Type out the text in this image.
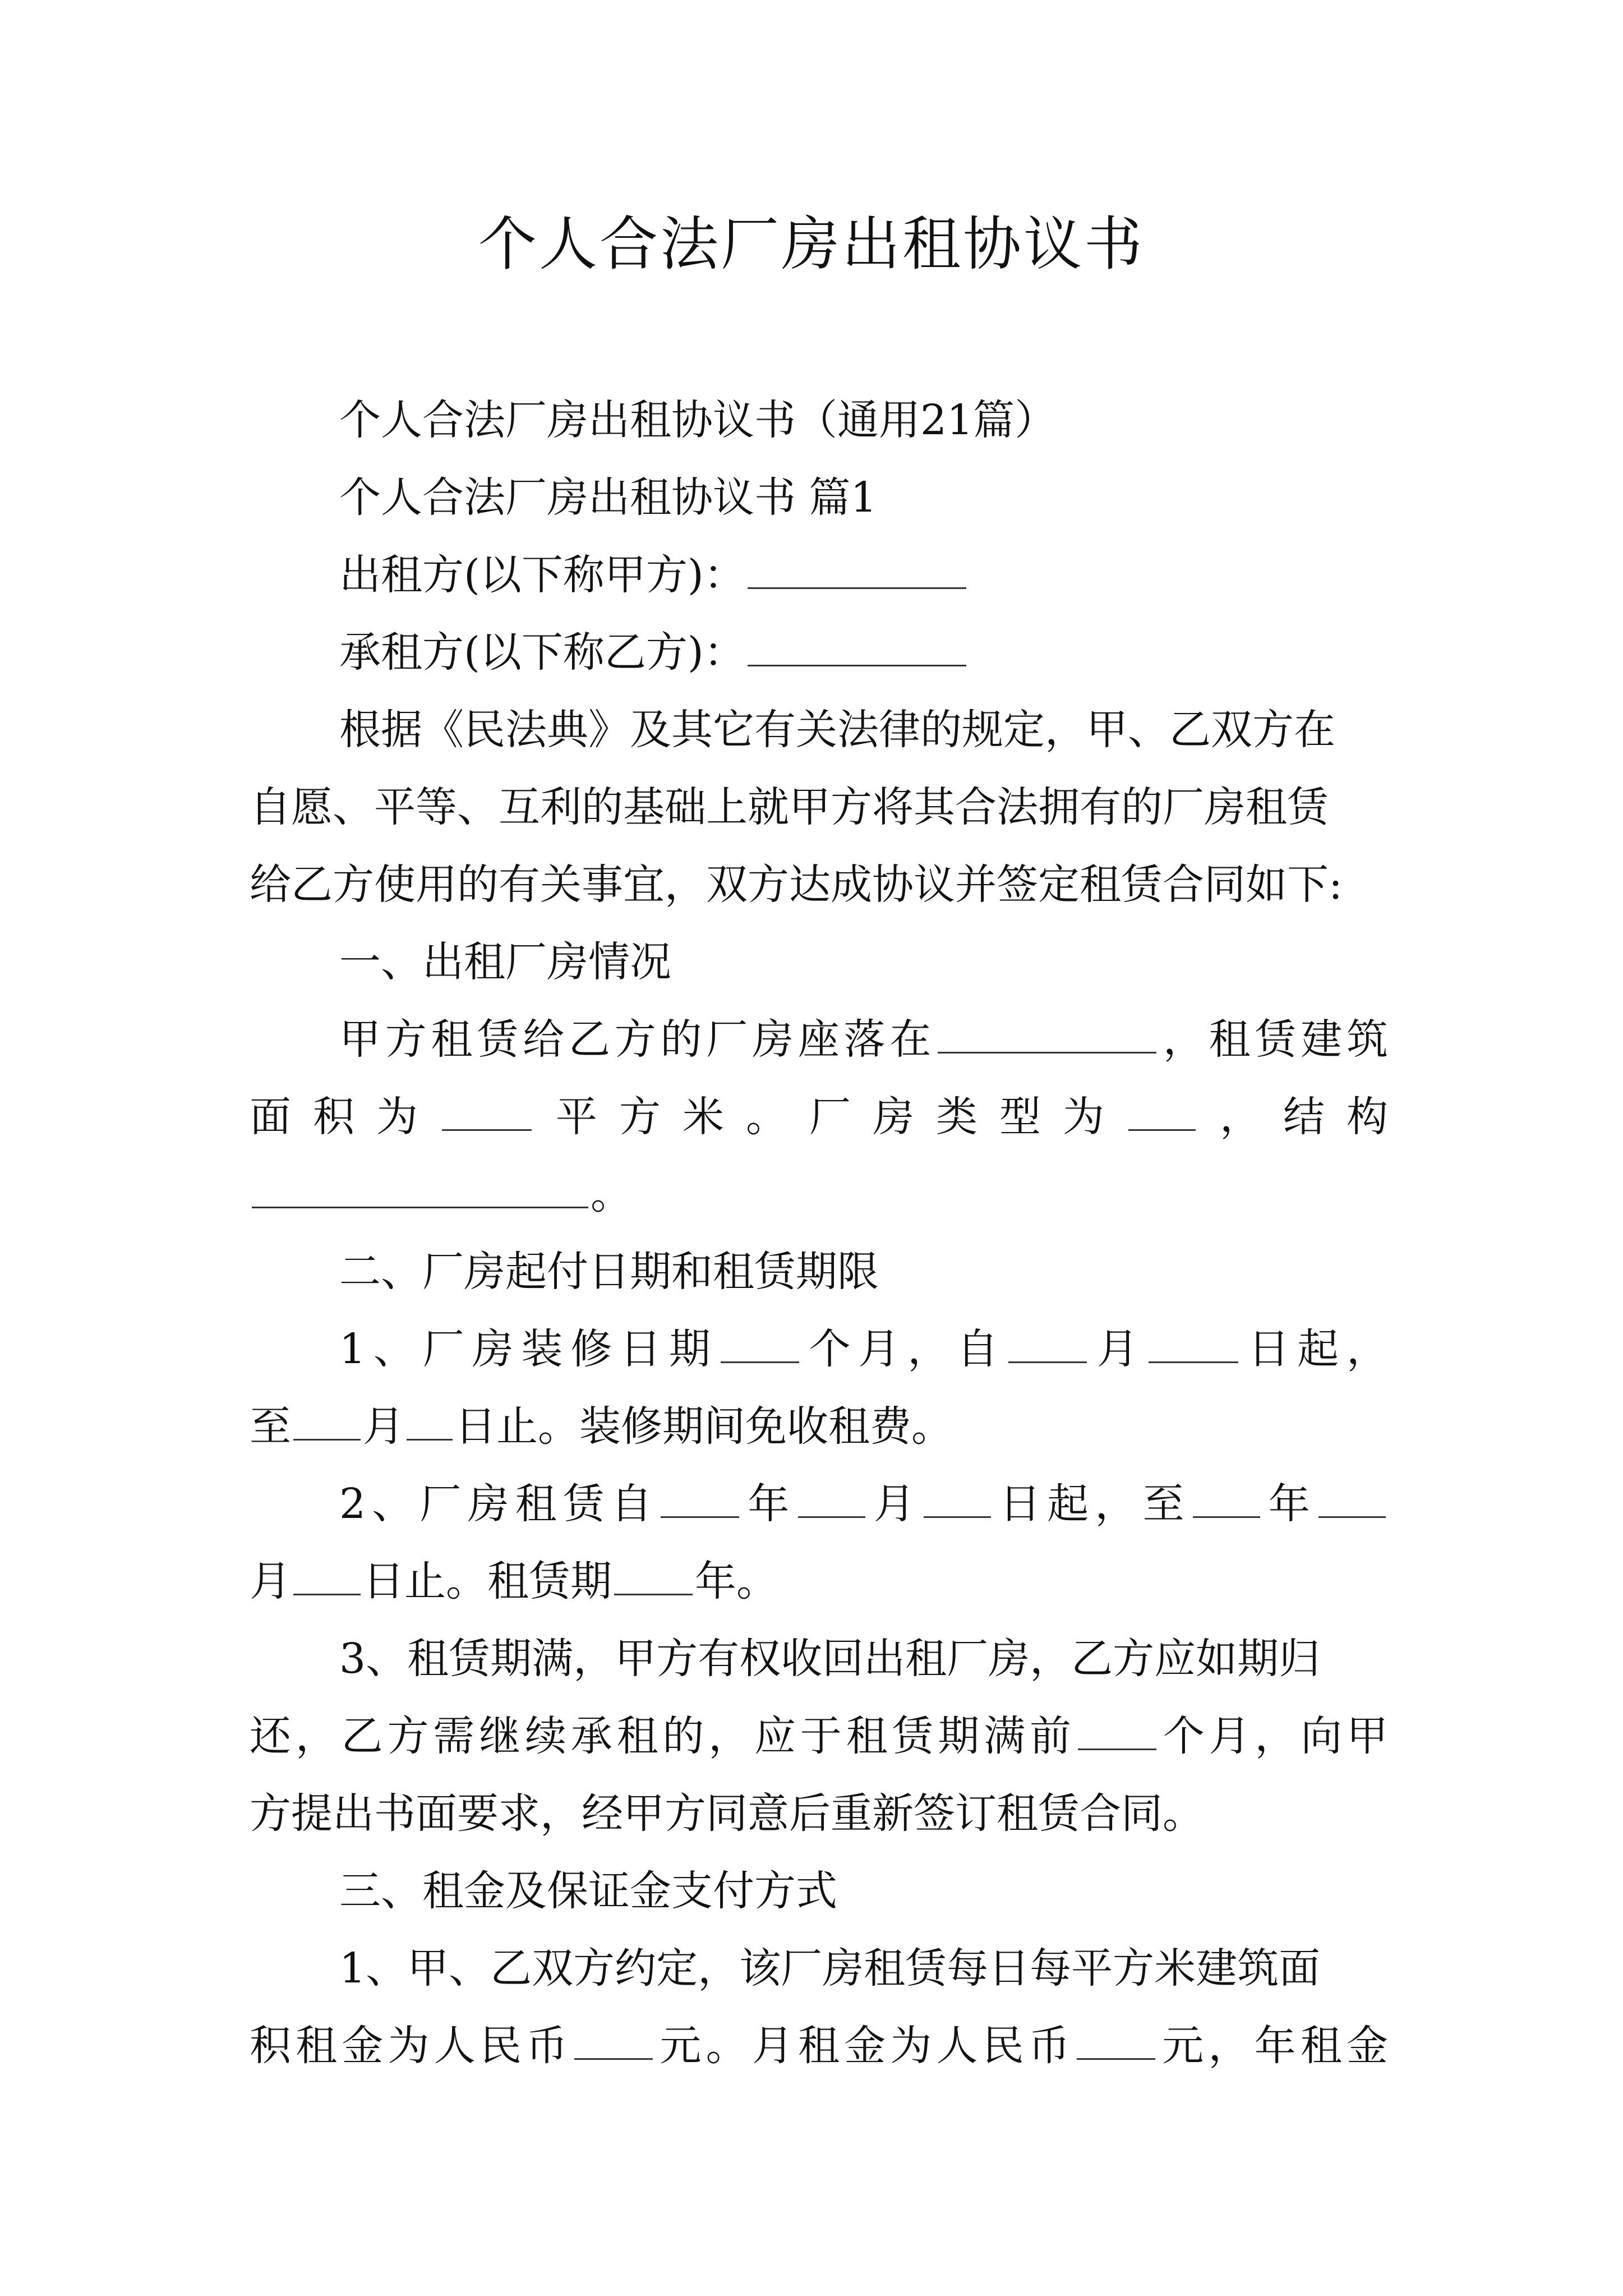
个人合法厂房出租协议书
个人合法厂房出租协议书（通用21篇）
个人合法厂房出租协议书 篇1
出租方(以下称甲方)：
承租方(以下称乙方)：
根据《民法典》及其它有关法律的规定，甲、乙双方在
自愿、平等、互利的基础上就甲方将其合法拥有的厂房租赁
给乙方使用的有关事宜，双方达成协议并签定租赁合同如下:
一、出租厂房情况
甲方租赁给乙方的厂房座落在	，租赁建筑
面积为 平方米。厂房类型为 ，结构
。
二、厂房起付日期和租赁期限
1、厂房装修日期 个月，自 月 日起，
至 月 日止。装修期间免收租费。
2、厂房租赁自 年 月 日起，至 年
月 日止。租赁期 年。
3、租赁期满，甲方有权收回出租厂房，乙方应如期归
还，乙方需继续承租的，应于租赁期满前 个月，向甲
方提出书面要求，经甲方同意后重新签订租赁合同。
三、租金及保证金支付方式
1、甲、乙双方约定，该厂房租赁每日每平方米建筑面
积租金为人民币 元。月租金为人民币 元，年租金
